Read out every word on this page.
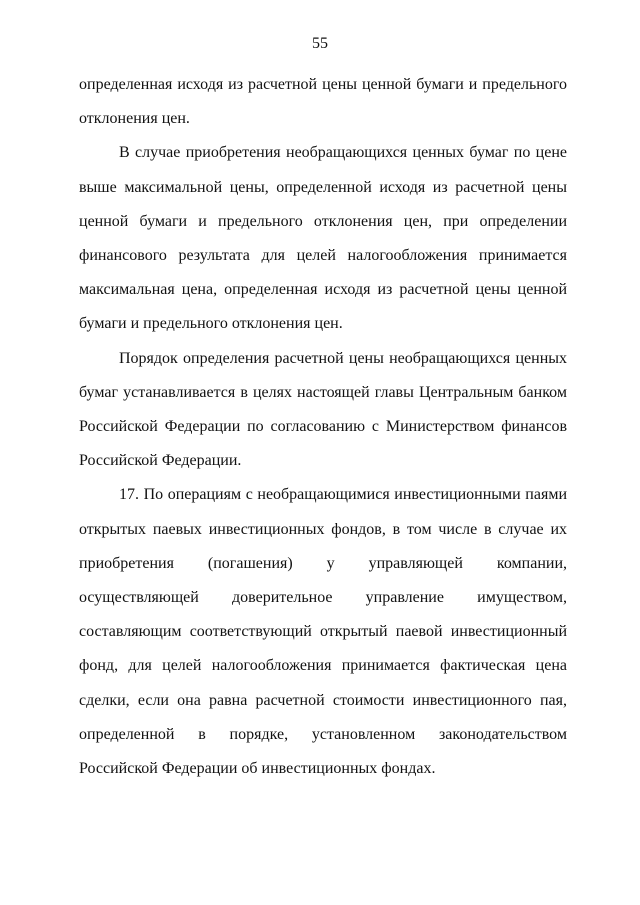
55

определенная исходя из расчетной цены ценной бумаги и предельного отклонения цен.

В случае приобретения необращающихся ценных бумаг по цене выше максимальной цены, определенной исходя из расчетной цены ценной бумаги и предельного отклонения цен, при определении финансового результата для целей налогообложения принимается максимальная цена, определенная исходя из расчетной цены ценной бумаги и предельного отклонения цен.

Порядок определения расчетной цены необращающихся ценных бумаг устанавливается в целях настоящей главы Центральным банком Российской Федерации по согласованию с Министерством финансов Российской Федерации.

17. По операциям с необращающимися инвестиционными паями открытых паевых инвестиционных фондов, в том числе в случае их приобретения (погашения) у управляющей компании, осуществляющей доверительное управление имуществом, составляющим соответствующий открытый паевой инвестиционный фонд, для целей налогообложения принимается фактическая цена сделки, если она равна расчетной стоимости инвестиционного пая, определенной в порядке, установленном законодательством Российской Федерации об инвестиционных фондах.
